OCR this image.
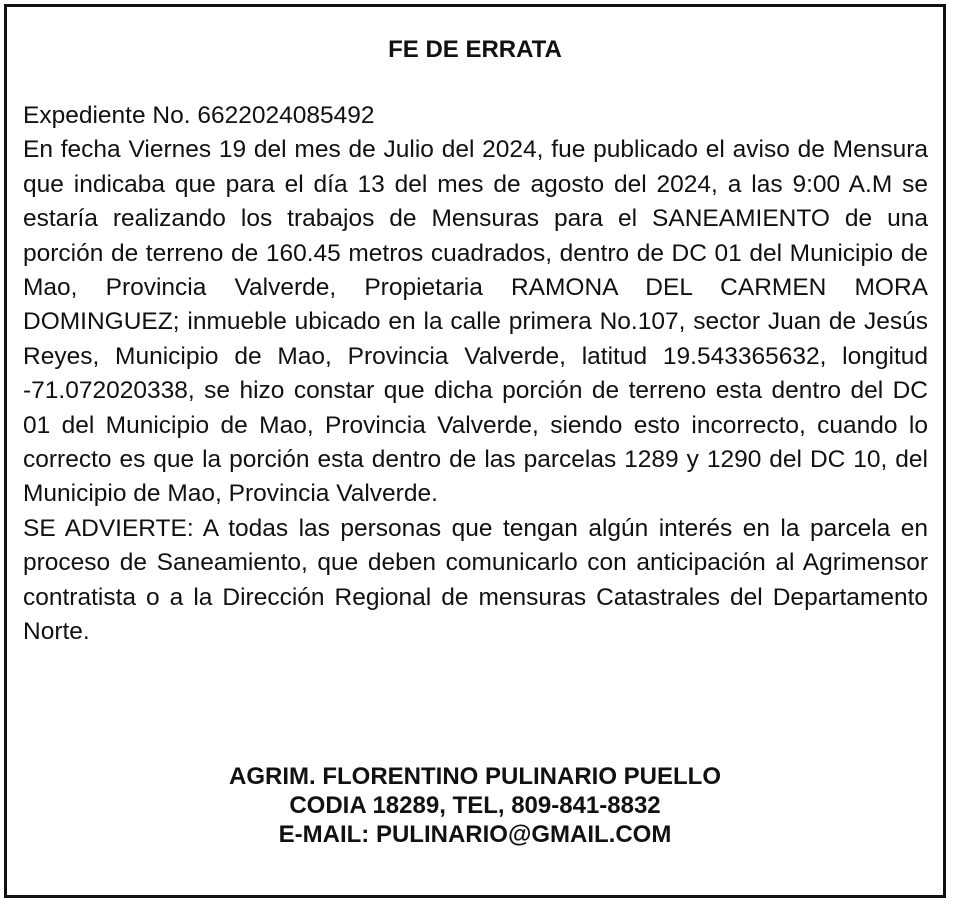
FE DE ERRATA

Expediente No. 6622024085492

En fecha Viernes 19 del mes de Julio del 2024, fue publicado el aviso de Mensura que indicaba que para el día 13 del mes de agosto del 2024, a las 9:00 A.M se estaría realizando los trabajos de Mensuras para el SANEAMIENTO de una porción de terreno de 160.45 metros cuadrados, dentro de DC 01 del Municipio de Mao, Provincia Valverde, Propietaria RAMONA DEL CARMEN MORA DOMINGUEZ; inmueble ubicado en la calle primera No.107, sector Juan de Jesús Reyes, Municipio de Mao, Provincia Valverde, latitud 19.543365632, longitud -71.072020338, se hizo constar que dicha porción de terreno esta dentro del DC 01 del Municipio de Mao, Provincia Valverde, siendo esto incorrecto, cuando lo correcto es que la porción esta dentro de las parcelas 1289 y 1290 del DC 10, del Municipio de Mao, Provincia Valverde.

SE ADVIERTE: A todas las personas que tengan algún interés en la parcela en proceso de Saneamiento, que deben comunicarlo con anticipación al Agrimensor contratista o a la Dirección Regional de mensuras Catastrales del Departamento Norte.

AGRIM. FLORENTINO PULINARIO PUELLO
CODIA 18289, TEL, 809-841-8832
E-MAIL: PULINARIO@GMAIL.COM
